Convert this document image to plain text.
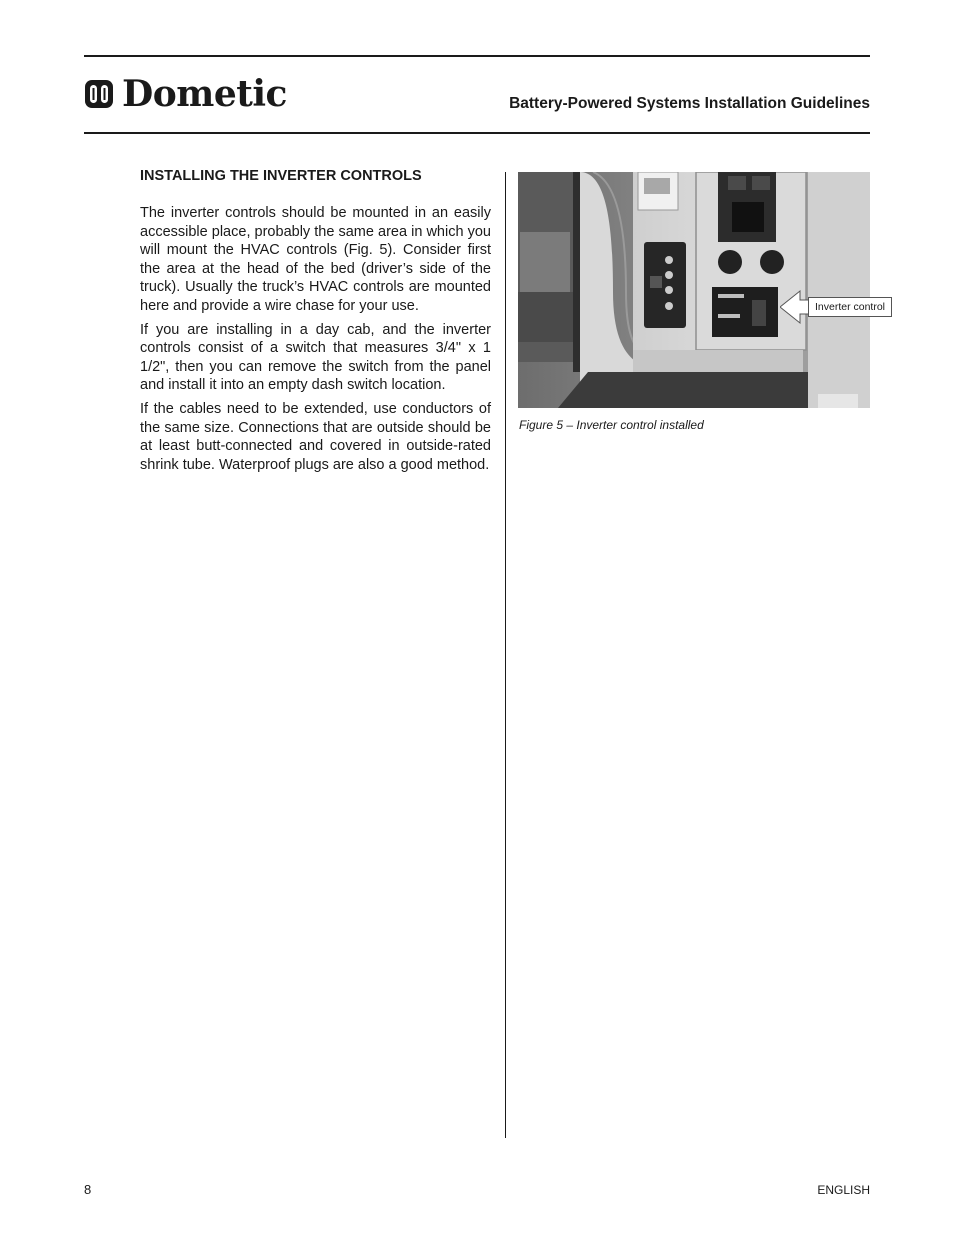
Dometic	Battery-Powered Systems Installation Guidelines
INSTALLING THE INVERTER CONTROLS

The inverter controls should be mounted in an easily accessible place, probably the same area in which you will mount the HVAC controls (Fig. 5). Consider first the area at the head of the bed (driver’s side of the truck). Usually the truck’s HVAC controls are mounted here and provide a wire chase for your use.

If you are installing in a day cab, and the inverter controls consist of a switch that measures 3/4" x 1 1/2", then you can remove the switch from the panel and install it into an empty dash switch location.

If the cables need to be extended, use conductors of the same size. Connections that are outside should be at least butt-connected and covered in outside-rated shrink tube. Waterproof plugs are also a good method.

Inverter control
Figure 5 – Inverter control installed
8	ENGLISH
